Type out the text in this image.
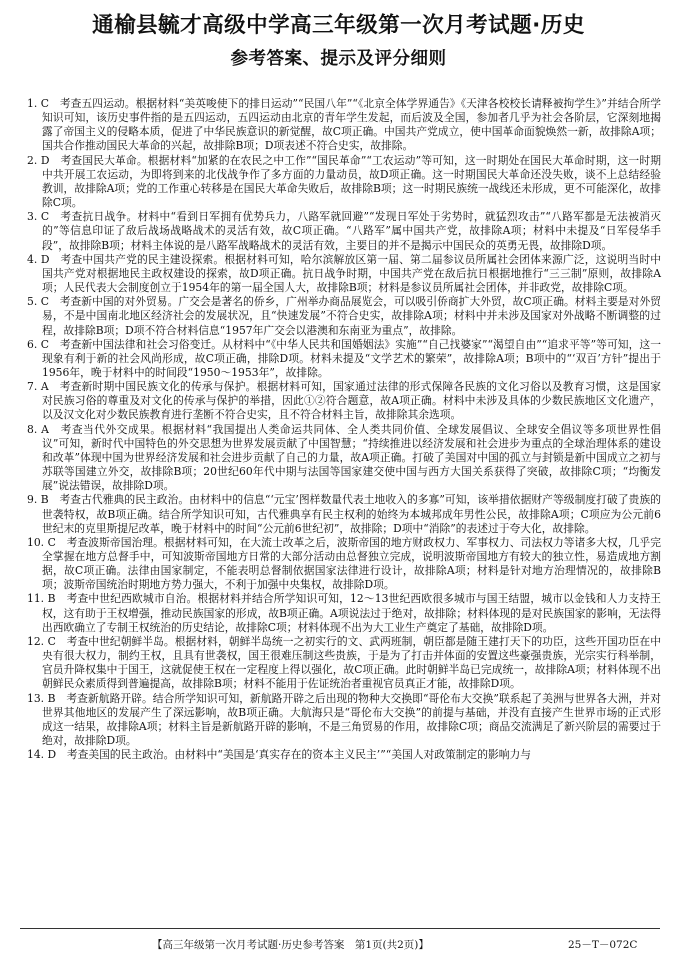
通榆县毓才高级中学高三年级第一次月考试题·历史
参考答案、提示及评分细则
1. C　考查五四运动。根据材料“美英唆使下的排日运动”“民国八年”“《北京全体学界通告》《天津各校校长请释被拘学生》”并结合所学知识可知，该历史事件指的是五四运动，五四运动由北京的青年学生发起，而后波及全国，参加者几乎为社会各阶层，它深刻地揭露了帝国主义的侵略本质，促进了中华民族意识的新觉醒，故C项正确。中国共产党成立，使中国革命面貌焕然一新，故排除A项；国共合作推动国民大革命的兴起，故排除B项；D项表述不符合史实，故排除。
2. D　考查国民大革命。根据材料“加紧的在农民之中工作”“国民革命”“工农运动”等可知，这一时期处在国民大革命时期，这一时期中共开展工农运动，为即将到来的北伐战争作了多方面的力量动员，故D项正确。这一时期国民大革命还没失败，谈不上总结经验教训，故排除A项；党的工作重心转移是在国民大革命失败后，故排除B项；这一时期民族统一战线还未形成，更不可能深化，故排除C项。
3. C　考查抗日战争。材料中“看到日军拥有优势兵力，八路军就回避”“发现日军处于劣势时，就猛烈攻击”“八路军都是无法被消灭的”等信息印证了敌后战场战略战术的灵活有效，故C项正确。“八路军”属中国共产党，故排除A项；材料中未提及“日军侵华手段”，故排除B项；材料主体说的是八路军战略战术的灵活有效，主要目的并不是揭示中国民众的英勇无畏，故排除D项。
4. D　考查中国共产党的民主建设探索。根据材料可知，哈尔滨解放区第一届、第二届参议员所属社会团体来源广泛，这说明当时中国共产党对根据地民主政权建设的探索，故D项正确。抗日战争时期，中国共产党在敌后抗日根据地推行“三三制”原则，故排除A项；人民代表大会制度创立于1954年的第一届全国人大，故排除B项；材料是参议员所属社会团体，并非政党，故排除C项。
5. C　考查新中国的对外贸易。广交会是著名的侨乡，广州举办商品展览会，可以吸引侨商扩大外贸，故C项正确。材料主要是对外贸易，不是中国南北地区经济社会的发展状况，且“快速发展”不符合史实，故排除A项；材料中并未涉及国家对外战略不断调整的过程，故排除B项；D项不符合材料信息“1957年广交会以港澳和东南亚为重点”，故排除。
6. C　考查新中国法律和社会习俗变迁。从材料中“《中华人民共和国婚姻法》实施”“自己找婆家”“渴望自由”“追求平等”等可知，这一现象有利于新的社会风尚形成，故C项正确，排除D项。材料未提及“文学艺术的繁荣”，故排除A项；B项中的“‘双百’方针”提出于1956年，晚于材料中的时间段“1950～1953年”，故排除。
7. A　考查新时期中国民族文化的传承与保护。根据材料可知，国家通过法律的形式保障各民族的文化习俗以及教育习惯，这是国家对民族习俗的尊重及对文化的传承与保护的举措，因此①②符合题意，故A项正确。材料中未涉及具体的少数民族地区文化遗产，以及汉文化对少数民族教育进行垄断不符合史实，且不符合材料主旨，故排除其余选项。
8. A　考查当代外交成果。根据材料“我国提出人类命运共同体、全人类共同价值、全球发展倡议、全球安全倡议等多项世界性倡议”可知，新时代中国特色的外交思想为世界发展贡献了中国智慧；“持续推进以经济发展和社会进步为重点的全球治理体系的建设和改革”体现中国为世界经济发展和社会进步贡献了自己的力量，故A项正确。打破了美国对中国的孤立与封锁是新中国成立之初与苏联等国建立外交，故排除B项；20世纪60年代中期与法国等国家建交使中国与西方大国关系获得了突破，故排除C项；“均衡发展”说法错误，故排除D项。
9. B　考查古代雅典的民主政治。由材料中的信息“‘元宝’图样数量代表土地收入的多寡”可知，该举措依据财产等级制度打破了贵族的世袭特权，故B项正确。结合所学知识可知，古代雅典享有民主权利的始终为本城邦成年男性公民，故排除A项；C项应为公元前6世纪末的克里斯提尼改革，晚于材料中的时间“公元前6世纪初”，故排除；D项中“消除”的表述过于夸大化，故排除。
10. C　考查波斯帝国治理。根据材料可知，在大流士改革之后，波斯帝国的地方财政权力、军事权力、司法权力等诸多大权，几乎完全掌握在地方总督手中，可知波斯帝国地方日常的大部分活动由总督独立完成，说明波斯帝国地方有较大的独立性，易造成地方割据，故C项正确。法律由国家制定，不能表明总督制依据国家法律进行设计，故排除A项；材料是针对地方治理情况的，故排除B项；波斯帝国统治时期地方势力强大，不利于加强中央集权，故排除D项。
11. B　考查中世纪西欧城市自治。根据材料并结合所学知识可知，12～13世纪西欧很多城市与国王结盟，城市以金钱和人力支持王权，这有助于王权增强，推动民族国家的形成，故B项正确。A项说法过于绝对，故排除；材料体现的是对民族国家的影响，无法得出西欧确立了专制王权统治的历史结论，故排除C项；材料体现不出为大工业生产奠定了基础，故排除D项。
12. C　考查中世纪朝鲜半岛。根据材料，朝鲜半岛统一之初实行的文、武两班制，朝臣都是随王建打天下的功臣，这些开国功臣在中央有很大权力，制约王权，且具有世袭权，国王很难压制这些贵族，于是为了打击并体面的安置这些豪强贵族，光宗实行科举制，官员升降权集中于国王，这就促使王权在一定程度上得以强化，故C项正确。此时朝鲜半岛已完成统一，故排除A项；材料体现不出朝鲜民众素质得到普遍提高，故排除B项；材料不能用于佐证统治者重视官员真正才能，故排除D项。
13. B　考查新航路开辟。结合所学知识可知，新航路开辟之后出现的物种大交换即“哥伦布大交换”联系起了美洲与世界各大洲，并对世界其他地区的发展产生了深远影响，故B项正确。大航海只是“哥伦布大交换”的前提与基础，并没有直接产生世界市场的正式形成这一结果，故排除A项；材料主旨是新航路开辟的影响，不是三角贸易的作用，故排除C项；商品交流满足了新兴阶层的需要过于绝对，故排除D项。
14. D　考查美国的民主政治。由材料中“美国是‘真实存在的资本主义民主’”“美国人对政策制定的影响力与
【高三年级第一次月考试题·历史参考答案　第1页(共2页)】	25－T－072C
